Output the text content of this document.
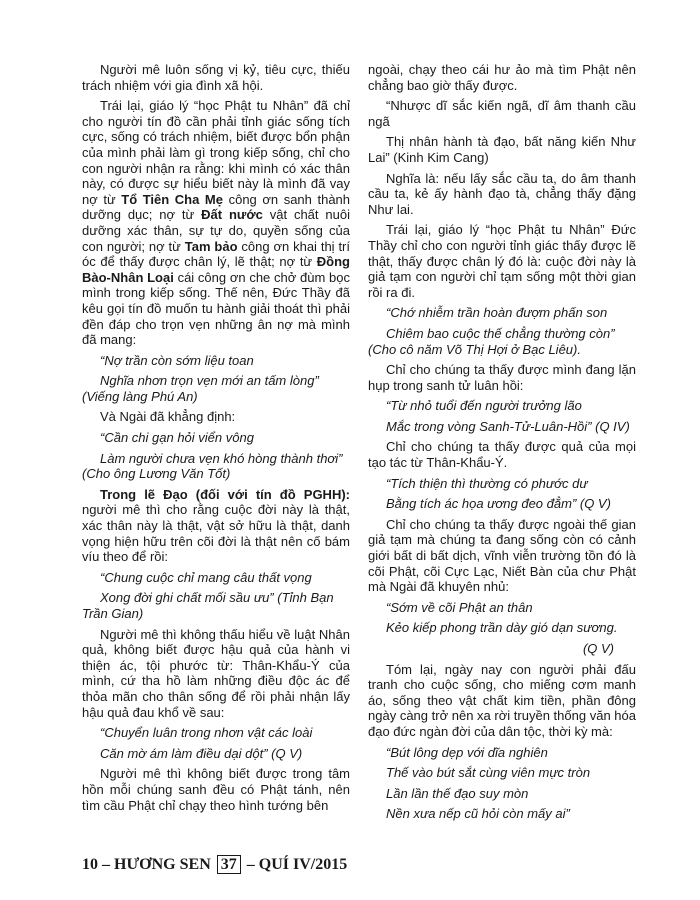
Người mê luôn sống vị kỷ, tiêu cực, thiếu trách nhiệm với gia đình xã hội.

Trái lại, giáo lý “học Phật tu Nhân” đã chỉ cho người tín đồ cần phải tỉnh giác sống tích cực, sống có trách nhiệm, biết được bổn phận của mình phải làm gì trong kiếp sống, chỉ cho con người nhận ra rằng: khi mình có xác thân này, có được sự hiểu biết này là mình đã vay nợ từ Tổ Tiên Cha Mẹ công ơn sanh thành dưỡng dục; nợ từ Đất nước vật chất nuôi dưỡng xác thân, sự tự do, quyền sống của con người; nợ từ Tam bảo công ơn khai thị trí óc để thấy được chân lý, lẽ thật; nợ từ Đồng Bào-Nhân Loại cái công ơn che chở đùm bọc mình trong kiếp sống. Thế nên, Đức Thầy đã kêu gọi tín đồ muốn tu hành giải thoát thì phải đền đáp cho trọn vẹn những ân nợ mà mình đã mang:

“Nợ trần còn sớm liệu toan

Nghĩa nhơn trọn vẹn mới an tấm lòng” (Viếng làng Phú An)

Và Ngài đã khẳng định:

“Cần chi gạn hỏi viển vông

Làm người chưa vẹn khó hòng thành thơi” (Cho ông Lương Văn Tốt)

Trong lẽ Đạo (đối với tín đồ PGHH): người mê thì cho rằng cuộc đời này là thật, xác thân này là thật, vật sở hữu là thật, danh vọng hiện hữu trên cõi đời là thật nên cố bám víu theo để rồi:

“Chung cuộc chỉ mang câu thất vọng

Xong đời ghi chất mối sầu ưu” (Tỉnh Bạn Trần Gian)

Người mê thì không thấu hiểu về luật Nhân quả, không biết được hậu quả của hành vi thiện ác, tội phước từ: Thân-Khẩu-Ý của mình, cứ tha hồ làm những điều độc ác để thỏa mãn cho thân sống để rồi phải nhận lấy hậu quả đau khổ về sau:

“Chuyển luân trong nhơn vật các loài

Căn mờ ám làm điều dại dột” (Q V)

Người mê thì không biết được trong tâm hồn mỗi chúng sanh đều có Phật tánh, nên tìm cầu Phật chỉ chạy theo hình tướng bên

ngoài, chạy theo cái hư ảo mà tìm Phật nên chẳng bao giờ thấy được.

“Nhược dĩ sắc kiến ngã, dĩ âm thanh cầu ngã

Thị nhân hành tà đạo, bất năng kiến Như Lai” (Kinh Kim Cang)

Nghĩa là: nếu lấy sắc cầu ta, do âm thanh cầu ta, kẻ ấy hành đạo tà, chẳng thấy đặng Như lai.

Trái lại, giáo lý “học Phật tu Nhân” Đức Thầy chỉ cho con người tỉnh giác thấy được lẽ thật, thấy được chân lý đó là: cuộc đời này là giả tạm con người chỉ tạm sống một thời gian rồi ra đi.

“Chớ nhiễm trần hoàn đượm phấn son

Chiêm bao cuộc thế chẳng thường còn” (Cho cô năm Võ Thị Hợi ở Bạc Liêu).

Chỉ cho chúng ta thấy được mình đang lặn hụp trong sanh tử luân hồi:

“Từ nhỏ tuổi đến người trưởng lão

Mắc trong vòng Sanh-Tử-Luân-Hồi” (Q IV)

Chỉ cho chúng ta thấy được quả của mọi tạo tác từ Thân-Khẩu-Ý.

“Tích thiện thì thường có phước dư

Bằng tích ác họa ương đeo đẳm” (Q V)

Chỉ cho chúng ta thấy được ngoài thế gian giả tạm mà chúng ta đang sống còn có cảnh giới bất di bất dịch, vĩnh viễn trường tồn đó là cõi Phật, cõi Cực Lạc, Niết Bàn của chư Phật mà Ngài đã khuyên nhủ:

“Sớm về cõi Phật an thân

Kẻo kiếp phong trần dày gió dạn sương.

(Q V)

Tóm lại, ngày nay con người phải đấu tranh cho cuộc sống, cho miếng cơm manh áo, sống theo vật chất kim tiền, phần đông ngày càng trở nên xa rời truyền thống văn hóa đạo đức ngàn đời của dân tộc, thời kỳ mà:

“Bút lông dẹp với dĩa nghiên

Thế vào bút sắt cùng viên mực tròn

Lần lần thế đạo suy mòn

Nền xưa nếp cũ hỏi còn mấy ai”

10 – HƯƠNG SEN 37 – QUÍ IV/2015
